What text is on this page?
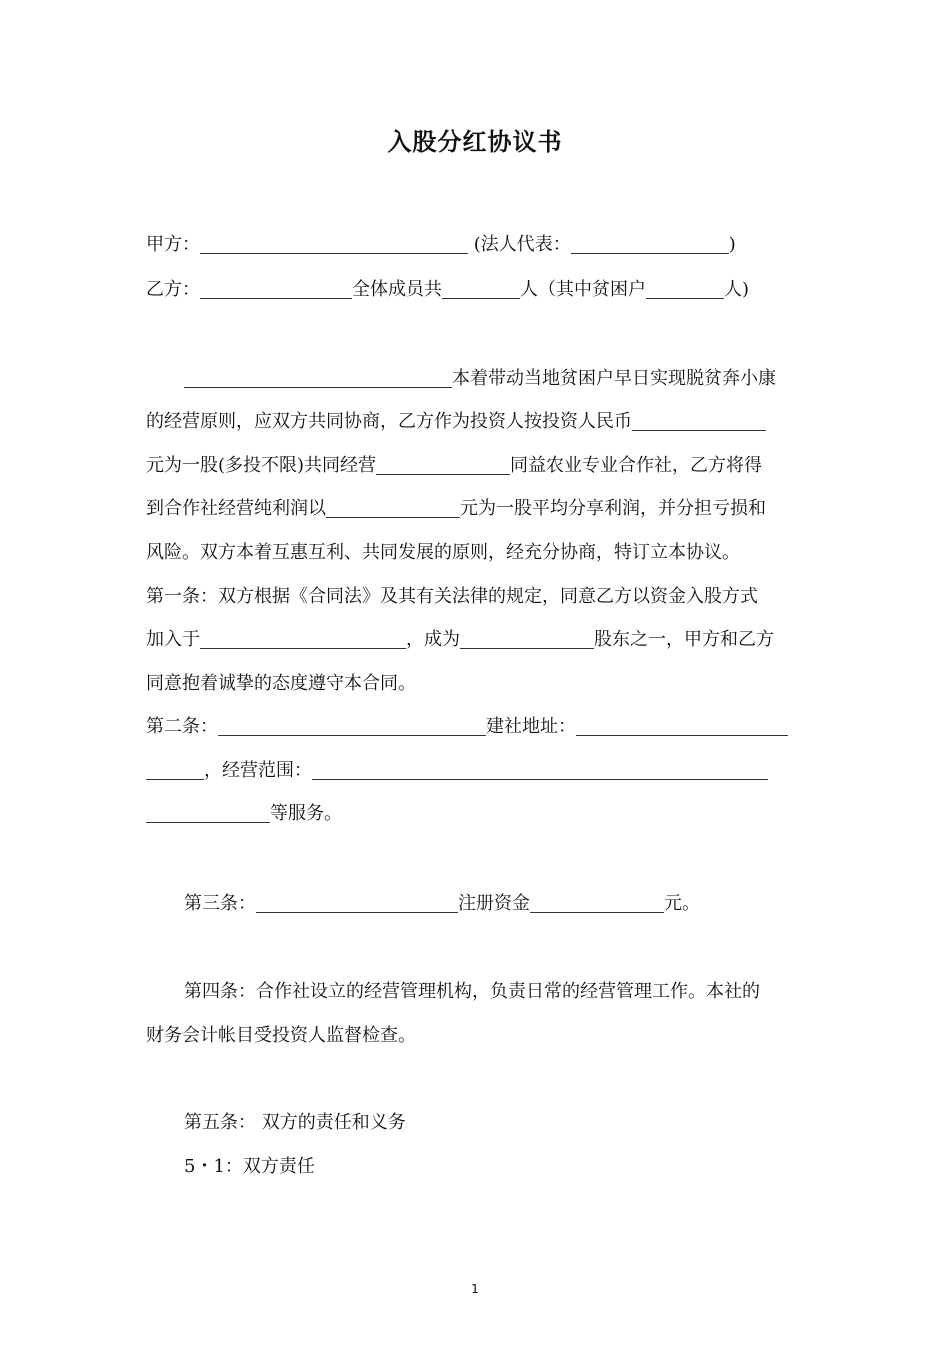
入股分红协议书
甲方：	(法人代表：	)
乙方：	全体成员共	人（其中贫困户	人)
本着带动当地贫困户早日实现脱贫奔小康
的经营原则，应双方共同协商，乙方作为投资人按投资人民币
元为一股(多投不限)共同经营	同益农业专业合作社，乙方将得
到合作社经营纯利润以	元为一股平均分享利润，并分担亏损和
风险。双方本着互惠互利、共同发展的原则，经充分协商，特订立本协议。
第一条：双方根据《合同法》及其有关法律的规定，同意乙方以资金入股方式
加入于	，成为	股东之一，甲方和乙方
同意抱着诚挚的态度遵守本合同。
第二条：	建社地址：
，经营范围：
等服务。
第三条：	注册资金	元。
第四条：合作社设立的经营管理机构，负责日常的经营管理工作。本社的
财务会计帐目受投资人监督检查。
第五条： 双方的责任和义务
5・1：双方责任
1
